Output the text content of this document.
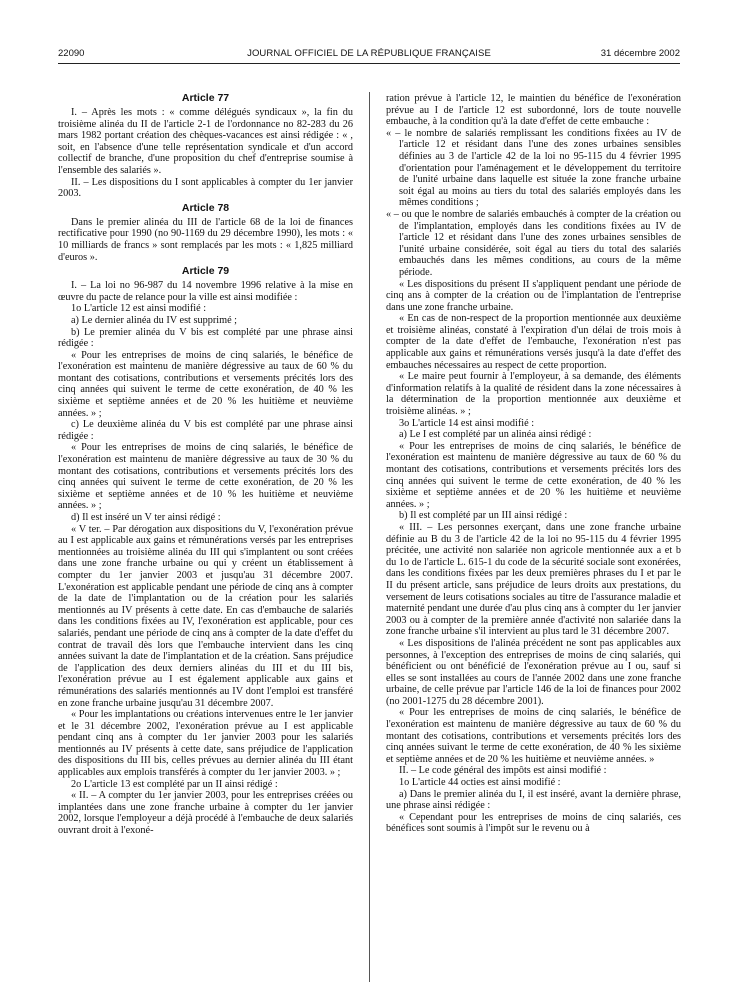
22090	JOURNAL OFFICIEL DE LA RÉPUBLIQUE FRANÇAISE	31 décembre 2002
Article 77

I. – Après les mots : « comme délégués syndicaux », la fin du troisième alinéa du II de l'article 2-1 de l'ordonnance no 82-283 du 26 mars 1982 portant création des chèques-vacances est ainsi rédigée : « , soit, en l'absence d'une telle représentation syndicale et d'un accord collectif de branche, d'une proposition du chef d'entreprise soumise à l'ensemble des salariés ».

II. – Les dispositions du I sont applicables à compter du 1er janvier 2003.

Article 78

Dans le premier alinéa du III de l'article 68 de la loi de finances rectificative pour 1990 (no 90-1169 du 29 décembre 1990), les mots : « 10 milliards de francs » sont remplacés par les mots : « 1,825 milliard d'euros ».

Article 79

I. – La loi no 96-987 du 14 novembre 1996 relative à la mise en œuvre du pacte de relance pour la ville est ainsi modifiée :

1o L'article 12 est ainsi modifié :

a) Le dernier alinéa du IV est supprimé ;

b) Le premier alinéa du V bis est complété par une phrase ainsi rédigée :

« Pour les entreprises de moins de cinq salariés, le bénéfice de l'exonération est maintenu de manière dégressive au taux de 60 % du montant des cotisations, contributions et versements précités lors des cinq années qui suivent le terme de cette exonération, de 40 % les sixième et septième années et de 20 % les huitième et neuvième années. » ;

c) Le deuxième alinéa du V bis est complété par une phrase ainsi rédigée :

« Pour les entreprises de moins de cinq salariés, le bénéfice de l'exonération est maintenu de manière dégressive au taux de 30 % du montant des cotisations, contributions et versements précités lors des cinq années qui suivent le terme de cette exonération, de 20 % les sixième et septième années et de 10 % les huitième et neuvième années. » ;

d) Il est inséré un V ter ainsi rédigé :

« V ter. – Par dérogation aux dispositions du V, l'exonération prévue au I est applicable aux gains et rémunérations versés par les entreprises mentionnées au troisième alinéa du III qui s'implantent ou sont créées dans une zone franche urbaine ou qui y créent un établissement à compter du 1er janvier 2003 et jusqu'au 31 décembre 2007. L'exonération est applicable pendant une période de cinq ans à compter de la date de l'implantation ou de la création pour les salariés mentionnés au IV présents à cette date. En cas d'embauche de salariés dans les conditions fixées au IV, l'exonération est applicable, pour ces salariés, pendant une période de cinq ans à compter de la date d'effet du contrat de travail dès lors que l'embauche intervient dans les cinq années suivant la date de l'implantation et de la création. Sans préjudice de l'application des deux derniers alinéas du III et du III bis, l'exonération prévue au I est également applicable aux gains et rémunérations des salariés mentionnés au IV dont l'emploi est transféré en zone franche urbaine jusqu'au 31 décembre 2007.

« Pour les implantations ou créations intervenues entre le 1er janvier et le 31 décembre 2002, l'exonération prévue au I est applicable pendant cinq ans à compter du 1er janvier 2003 pour les salariés mentionnés au IV présents à cette date, sans préjudice de l'application des dispositions du III bis, celles prévues au dernier alinéa du III étant applicables aux emplois transférés à compter du 1er janvier 2003. » ;

2o L'article 13 est complété par un II ainsi rédigé :

« II. – A compter du 1er janvier 2003, pour les entreprises créées ou implantées dans une zone franche urbaine à compter du 1er janvier 2002, lorsque l'employeur a déjà procédé à l'embauche de deux salariés ouvrant droit à l'exoné-

ration prévue à l'article 12, le maintien du bénéfice de l'exonération prévue au I de l'article 12 est subordonné, lors de toute nouvelle embauche, à la condition qu'à la date d'effet de cette embauche :

« – le nombre de salariés remplissant les conditions fixées au IV de l'article 12 et résidant dans l'une des zones urbaines sensibles définies au 3 de l'article 42 de la loi no 95-115 du 4 février 1995 d'orientation pour l'aménagement et le développement du territoire de l'unité urbaine dans laquelle est située la zone franche urbaine soit égal au moins au tiers du total des salariés employés dans les mêmes conditions ;

« – ou que le nombre de salariés embauchés à compter de la création ou de l'implantation, employés dans les conditions fixées au IV de l'article 12 et résidant dans l'une des zones urbaines sensibles de l'unité urbaine considérée, soit égal au tiers du total des salariés embauchés dans les mêmes conditions, au cours de la même période.

« Les dispositions du présent II s'appliquent pendant une période de cinq ans à compter de la création ou de l'implantation de l'entreprise dans une zone franche urbaine.

« En cas de non-respect de la proportion mentionnée aux deuxième et troisième alinéas, constaté à l'expiration d'un délai de trois mois à compter de la date d'effet de l'embauche, l'exonération n'est pas applicable aux gains et rémunérations versés jusqu'à la date d'effet des embauches nécessaires au respect de cette proportion.

« Le maire peut fournir à l'employeur, à sa demande, des éléments d'information relatifs à la qualité de résident dans la zone nécessaires à la détermination de la proportion mentionnée aux deuxième et troisième alinéas. » ;

3o L'article 14 est ainsi modifié :

a) Le I est complété par un alinéa ainsi rédigé :

« Pour les entreprises de moins de cinq salariés, le bénéfice de l'exonération est maintenu de manière dégressive au taux de 60 % du montant des cotisations, contributions et versements précités lors des cinq années qui suivent le terme de cette exonération, de 40 % les sixième et septième années et de 20 % les huitième et neuvième années. » ;

b) Il est complété par un III ainsi rédigé :

« III. – Les personnes exerçant, dans une zone franche urbaine définie au B du 3 de l'article 42 de la loi no 95-115 du 4 février 1995 précitée, une activité non salariée non agricole mentionnée aux a et b du 1o de l'article L. 615-1 du code de la sécurité sociale sont exonérées, dans les conditions fixées par les deux premières phrases du I et par le II du présent article, sans préjudice de leurs droits aux prestations, du versement de leurs cotisations sociales au titre de l'assurance maladie et maternité pendant une durée d'au plus cinq ans à compter du 1er janvier 2003 ou à compter de la première année d'activité non salariée dans la zone franche urbaine s'il intervient au plus tard le 31 décembre 2007.

« Les dispositions de l'alinéa précédent ne sont pas applicables aux personnes, à l'exception des entreprises de moins de cinq salariés, qui bénéficient ou ont bénéficié de l'exonération prévue au I ou, sauf si elles se sont installées au cours de l'année 2002 dans une zone franche urbaine, de celle prévue par l'article 146 de la loi de finances pour 2002 (no 2001-1275 du 28 décembre 2001).

« Pour les entreprises de moins de cinq salariés, le bénéfice de l'exonération est maintenu de manière dégressive au taux de 60 % du montant des cotisations, contributions et versements précités lors des cinq années suivant le terme de cette exonération, de 40 % les sixième et septième années et de 20 % les huitième et neuvième années. »

II. – Le code général des impôts est ainsi modifié :

1o L'article 44 octies est ainsi modifié :

a) Dans le premier alinéa du I, il est inséré, avant la dernière phrase, une phrase ainsi rédigée :

« Cependant pour les entreprises de moins de cinq salariés, ces bénéfices sont soumis à l'impôt sur le revenu ou à
